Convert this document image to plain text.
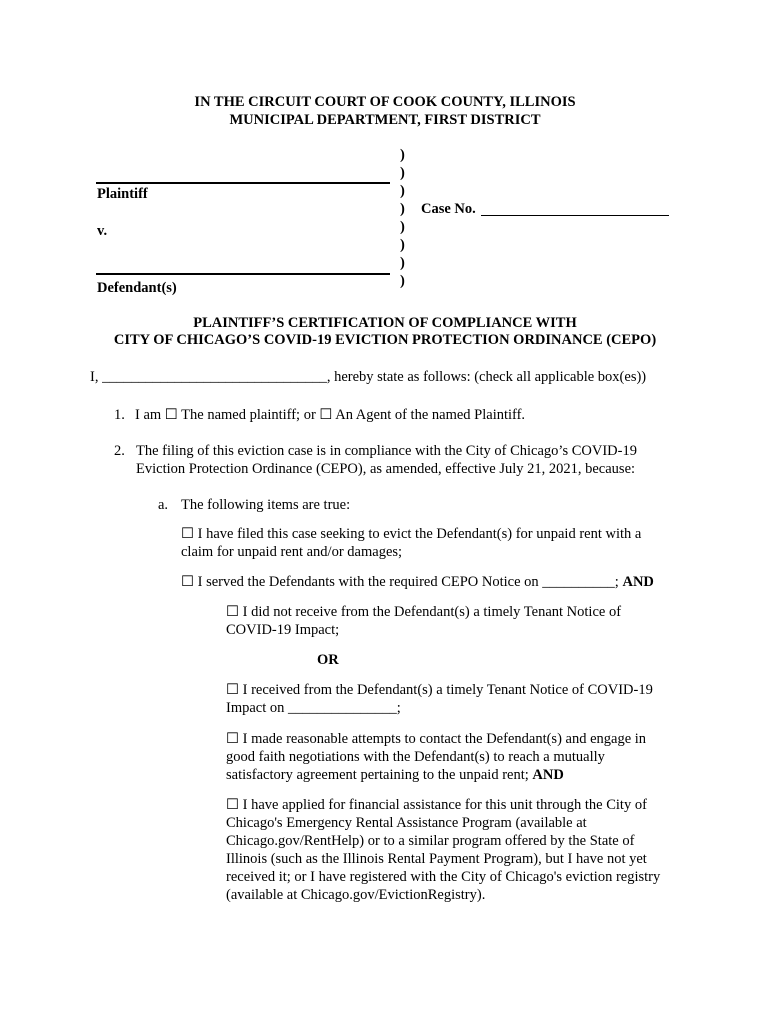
IN THE CIRCUIT COURT OF COOK COUNTY, ILLINOIS
MUNICIPAL DEPARTMENT, FIRST DISTRICT
Plaintiff
v.
Defendant(s)
)
)
)
)
)
)
)
)
Case No.
PLAINTIFF’S CERTIFICATION OF COMPLIANCE WITH
CITY OF CHICAGO’S COVID-19 EVICTION PROTECTION ORDINANCE (CEPO)
I, _______________________________, hereby state as follows: (check all applicable box(es))
1. I am ☐ The named plaintiff; or ☐ An Agent of the named Plaintiff.
2. The filing of this eviction case is in compliance with the City of Chicago’s COVID-19
Eviction Protection Ordinance (CEPO), as amended, effective July 21, 2021, because:
a. The following items are true:
☐ I have filed this case seeking to evict the Defendant(s) for unpaid rent with a
claim for unpaid rent and/or damages;
☐ I served the Defendants with the required CEPO Notice on __________; AND
☐ I did not receive from the Defendant(s) a timely Tenant Notice of
COVID-19 Impact;
OR
☐ I received from the Defendant(s) a timely Tenant Notice of COVID-19
Impact on _______________;
☐ I made reasonable attempts to contact the Defendant(s) and engage in
good faith negotiations with the Defendant(s) to reach a mutually
satisfactory agreement pertaining to the unpaid rent; AND
☐ I have applied for financial assistance for this unit through the City of
Chicago's Emergency Rental Assistance Program (available at
Chicago.gov/RentHelp) or to a similar program offered by the State of
Illinois (such as the Illinois Rental Payment Program), but I have not yet
received it; or I have registered with the City of Chicago's eviction registry
(available at Chicago.gov/EvictionRegistry).
